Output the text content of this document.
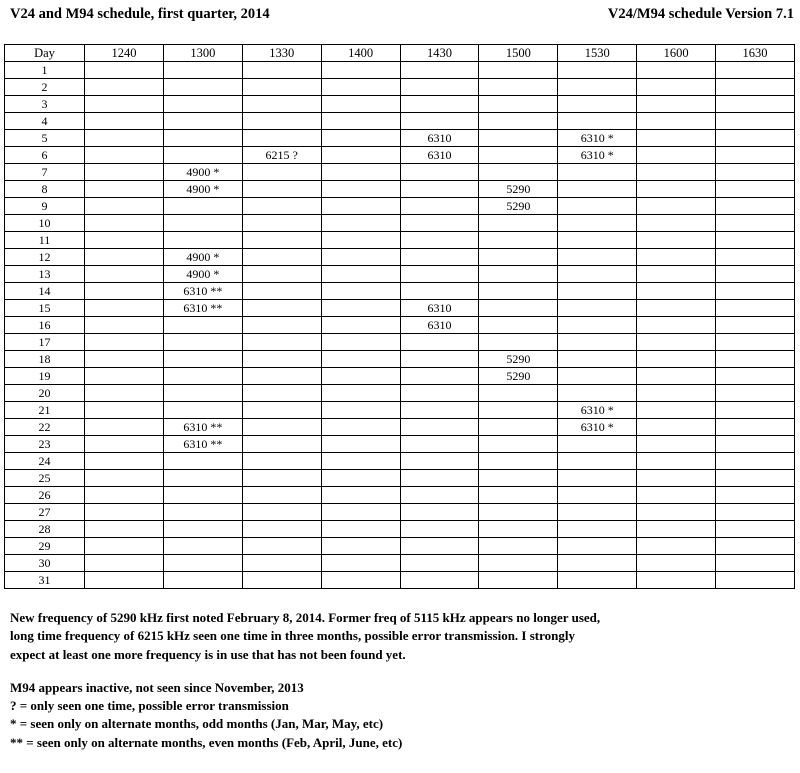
V24 and M94 schedule, first quarter, 2014	V24/M94 schedule Version 7.1
Day	1240	1300	1330	1400	1430	1500	1530	1600	1630
1									
2									
3									
4									
5					6310		6310 *		
6			6215 ?		6310		6310 *		
7		4900 *							
8		4900 *				5290			
9						5290			
10									
11									
12		4900 *							
13		4900 *							
14		6310 **							
15		6310 **			6310				
16					6310				
17									
18						5290			
19						5290			
20									
21							6310 *		
22		6310 **					6310 *		
23		6310 **							
24									
25									
26									
27									
28									
29									
30									
31									

New frequency of 5290 kHz first noted February 8, 2014. Former freq of 5115 kHz appears no longer used,

long time frequency of 6215 kHz seen one time in three months, possible error transmission. I strongly

expect at least one more frequency is in use that has not been found yet.

M94 appears inactive, not seen since November, 2013

? = only seen one time, possible error transmission

* = seen only on alternate months, odd months (Jan, Mar, May, etc)

** = seen only on alternate months, even months (Feb, April, June, etc)
